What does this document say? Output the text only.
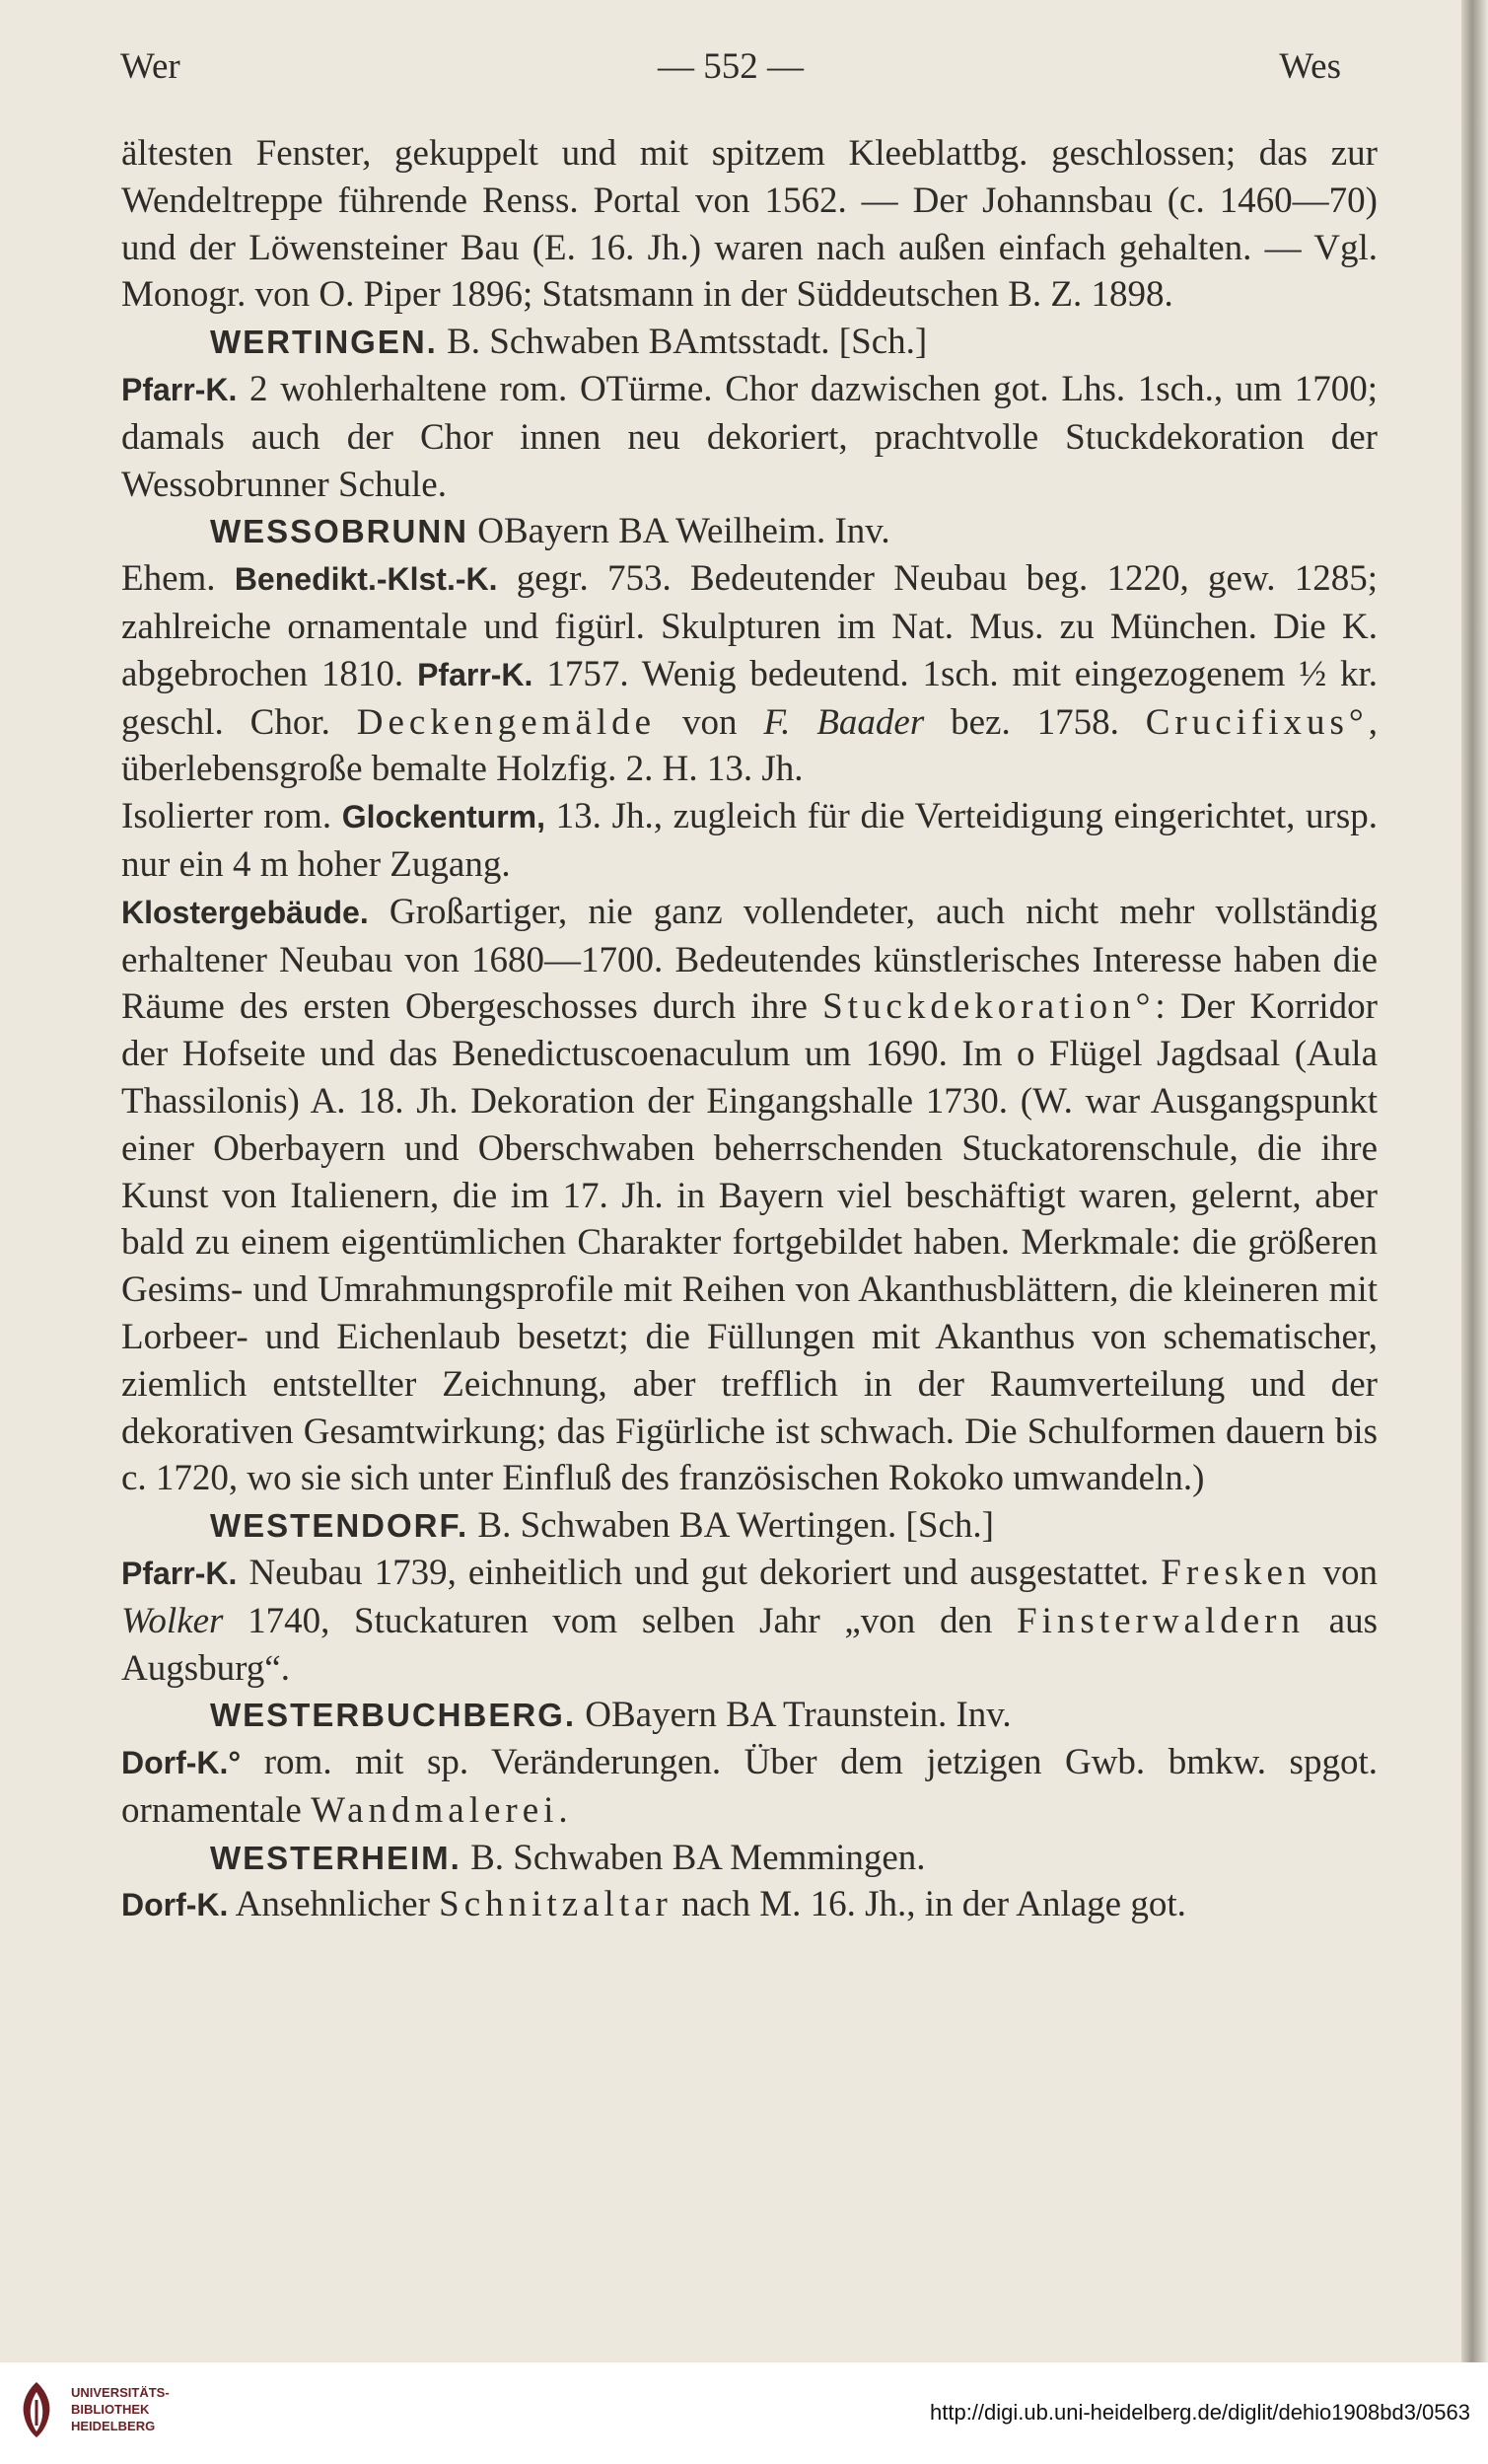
Wer	— 552 —	Wes

ältesten Fenster, gekuppelt und mit spitzem Kleeblattbg. geschlossen; das zur Wendeltreppe führende Renss. Portal von 1562. — Der Johannsbau (c. 1460—70) und der Löwensteiner Bau (E. 16. Jh.) waren nach außen einfach gehalten. — Vgl. Monogr. von O. Piper 1896; Statsmann in der Süddeutschen B. Z. 1898.

WERTINGEN. B. Schwaben BAmtsstadt. [Sch.]

Pfarr-K. 2 wohlerhaltene rom. OTürme. Chor dazwischen got. Lhs. 1sch., um 1700; damals auch der Chor innen neu dekoriert, prachtvolle Stuckdekoration der Wessobrunner Schule.

WESSOBRUNN OBayern BA Weilheim. Inv.

Ehem. Benedikt.-Klst.-K. gegr. 753. Bedeutender Neubau beg. 1220, gew. 1285; zahlreiche ornamentale und figürl. Skulpturen im Nat. Mus. zu München. Die K. abgebrochen 1810. Pfarr-K. 1757. Wenig bedeutend. 1sch. mit eingezogenem ½ kr. geschl. Chor. Deckengemälde von F. Baader bez. 1758. Crucifixus°, überlebensgroße bemalte Holzfig. 2. H. 13. Jh.

Isolierter rom. Glockenturm, 13. Jh., zugleich für die Verteidigung eingerichtet, ursp. nur ein 4 m hoher Zugang.

Klostergebäude. Großartiger, nie ganz vollendeter, auch nicht mehr vollständig erhaltener Neubau von 1680—1700. Bedeutendes künstlerisches Interesse haben die Räume des ersten Obergeschosses durch ihre Stuckdekoration°: Der Korridor der Hofseite und das Benedictuscoenaculum um 1690. Im o Flügel Jagdsaal (Aula Thassilonis) A. 18. Jh. Dekoration der Eingangshalle 1730. (W. war Ausgangspunkt einer Oberbayern und Oberschwaben beherrschenden Stuckatorenschule, die ihre Kunst von Italienern, die im 17. Jh. in Bayern viel beschäftigt waren, gelernt, aber bald zu einem eigentümlichen Charakter fortgebildet haben. Merkmale: die größeren Gesims- und Umrahmungsprofile mit Reihen von Akanthusblättern, die kleineren mit Lorbeer- und Eichenlaub besetzt; die Füllungen mit Akanthus von schematischer, ziemlich entstellter Zeichnung, aber trefflich in der Raumverteilung und der dekorativen Gesamtwirkung; das Figürliche ist schwach. Die Schulformen dauern bis c. 1720, wo sie sich unter Einfluß des französischen Rokoko umwandeln.)

WESTENDORF. B. Schwaben BA Wertingen. [Sch.]

Pfarr-K. Neubau 1739, einheitlich und gut dekoriert und ausgestattet. Fresken von Wolker 1740, Stuckaturen vom selben Jahr „von den Finsterwaldern aus Augsburg“.

WESTERBUCHBERG. OBayern BA Traunstein. Inv.

Dorf-K.° rom. mit sp. Veränderungen. Über dem jetzigen Gwb. bmkw. spgot. ornamentale Wandmalerei.

WESTERHEIM. B. Schwaben BA Memmingen.

Dorf-K. Ansehnlicher Schnitzaltar nach M. 16. Jh., in der Anlage got.

UNIVERSITÄTS-
BIBLIOTHEK
HEIDELBERG
http://digi.ub.uni-heidelberg.de/diglit/dehio1908bd3/0563
